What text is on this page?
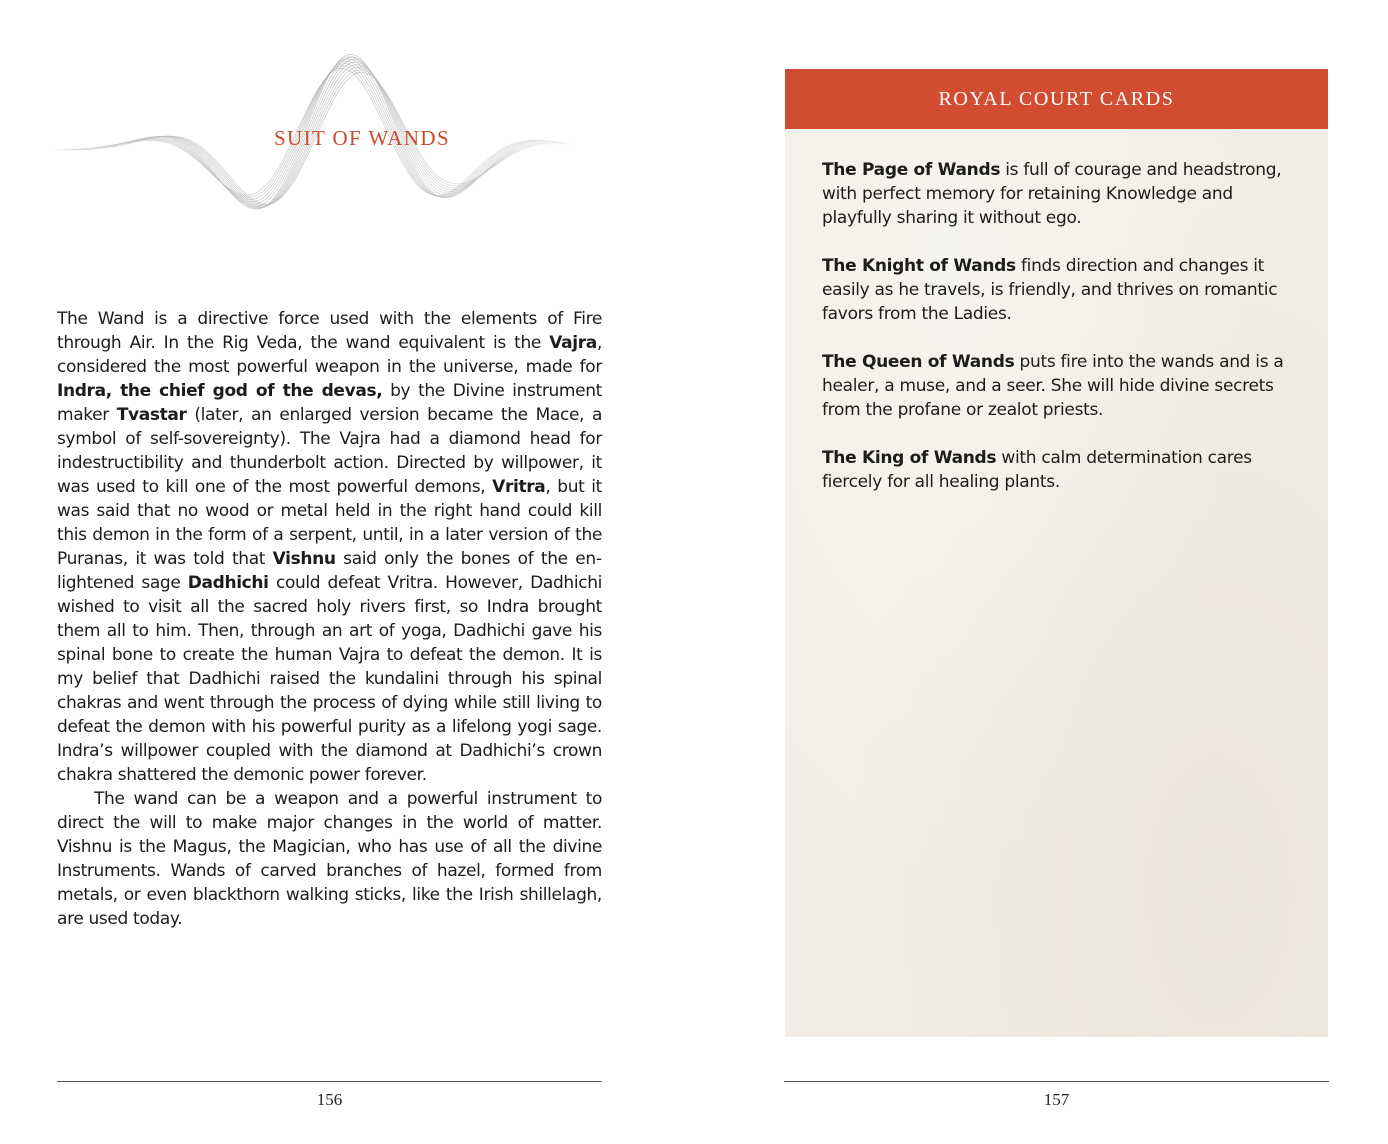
SUIT OF WANDS

The Wand is a directive force used with the elements of Fire through Air. In the Rig Veda, the wand equivalent is the Vajra, considered the most powerful weapon in the universe, made for Indra, the chief god of the devas, by the Divine instrument maker Tvastar (later, an enlarged version became the Mace, a symbol of self-sovereignty). The Vajra had a diamond head for indestructibility and thunderbolt action. Directed by willpower, it was used to kill one of the most powerful demons, Vritra, but it was said that no wood or metal held in the right hand could kill this demon in the form of a serpent, until, in a later version of the Puranas, it was told that Vishnu said only the bones of the enlightened sage Dadhichi could defeat Vritra. However, Dadhichi wished to visit all the sacred holy rivers first, so Indra brought them all to him. Then, through an art of yoga, Dadhichi gave his spinal bone to create the human Vajra to defeat the demon. It is my belief that Dadhichi raised the kundalini through his spinal chakras and went through the process of dying while still living to defeat the demon with his powerful purity as a lifelong yogi sage. Indra’s willpower coupled with the diamond at Dadhichi’s crown chakra shattered the demonic power forever.

The wand can be a weapon and a powerful instrument to direct the will to make major changes in the world of matter. Vishnu is the Magus, the Magician, who has use of all the divine Instruments. Wands of carved branches of hazel, formed from metals, or even blackthorn walking sticks, like the Irish shillelagh, are used today.

156
ROYAL COURT CARDS

The Page of Wands is full of courage and headstrong, with perfect memory for retaining Knowledge and playfully sharing it without ego.

The Knight of Wands finds direction and changes it easily as he travels, is friendly, and thrives on romantic favors from the Ladies.

The Queen of Wands puts fire into the wands and is a healer, a muse, and a seer. She will hide divine secrets from the profane or zealot priests.

The King of Wands with calm determination cares fiercely for all healing plants.

157
